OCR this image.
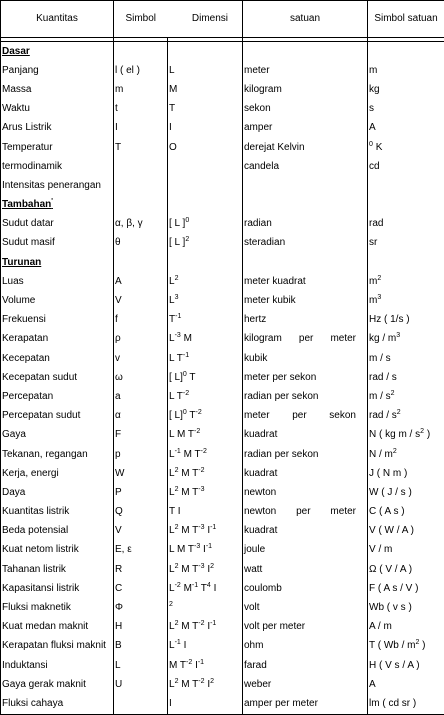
Kuantitas	Simbol	Dimensi	satuan	Simbol satuan

Dasar				
Panjang	l ( el )	L	meter	m
Massa	m	M	kilogram	kg
Waktu	t	T	sekon	s
Arus Listrik	I	I	amper	A
Temperatur	T	O	derejat Kelvin	$^0$ K
termodinamik			candela	cd
Intensitas penerangan				
Tambahan'				
Sudut datar	α, β, γ	[ L ]$^0$	radian	rad
Sudut masif	θ	[ L ]$^2$	steradian	sr
Turunan				
Luas	A	$L^2$	meter kuadrat	$m^2$
Volume	V	$L^3$	meter kubik	$m^3$
Frekuensi	f	$T^{-1}$	hertz	Hz ( 1/s )
Kerapatan	ρ	$L^{-3}$ M	kilogram per meter	kg / $m^3$
Kecepatan	v	L $T^{-1}$	kubik	m / s
Kecepatan sudut	ω	[ L]$^0$ T	meter per sekon	rad / s
Percepatan	a	L $T^{-2}$	radian per sekon	m / $s^2$
Percepatan sudut	α	[ L]$^0$ $T^{-2}$	meter per sekon	rad / $s^2$
Gaya	F	L M $T^{-2}$	kuadrat	N ( kg m / $s^2$ )
Tekanan, regangan	p	$L^{-1}$ M $T^{-2}$	radian per sekon	N / $m^2$
Kerja, energi	W	$L^2$ M $T^{-2}$	kuadrat	J ( N m )
Daya	P	$L^2$ M $T^{-3}$	newton	W ( J / s )
Kuantitas listrik	Q	T I	newton per meter	C ( A s )
Beda potensial	V	$L^2$ M $T^{-3}$ $I^{-1}$	kuadrat	V ( W / A )
Kuat netom listrik	E, ε	L M $T^{-3}$ $I^{-1}$	joule	V / m
Tahanan listrik	R	$L^2$ M $T^{-3}$ $I^2$	watt	Ω ( V / A )
Kapasitansi listrik	C	$L^{-2}$ $M^{-1}$ $T^4$ I	coulomb	F ( A s / V )
Fluksi maknetik	Φ	$^2$	volt	Wb ( v s )
Kuat medan maknit	H	$L^2$ M $T^{-2}$ $I^{-1}$	volt per meter	A / m
Kerapatan fluksi maknit	B	$L^{-1}$ I	ohm	T ( Wb / $m^2$ )
Induktansi	L	M $T^{-2}$ $I^{-1}$	farad	H ( V s / A )
Gaya gerak maknit	U	$L^2$ M $T^{-2}$ $I^2$	weber	A
Fluksi cahaya		I	amper per meter	lm ( cd sr )
